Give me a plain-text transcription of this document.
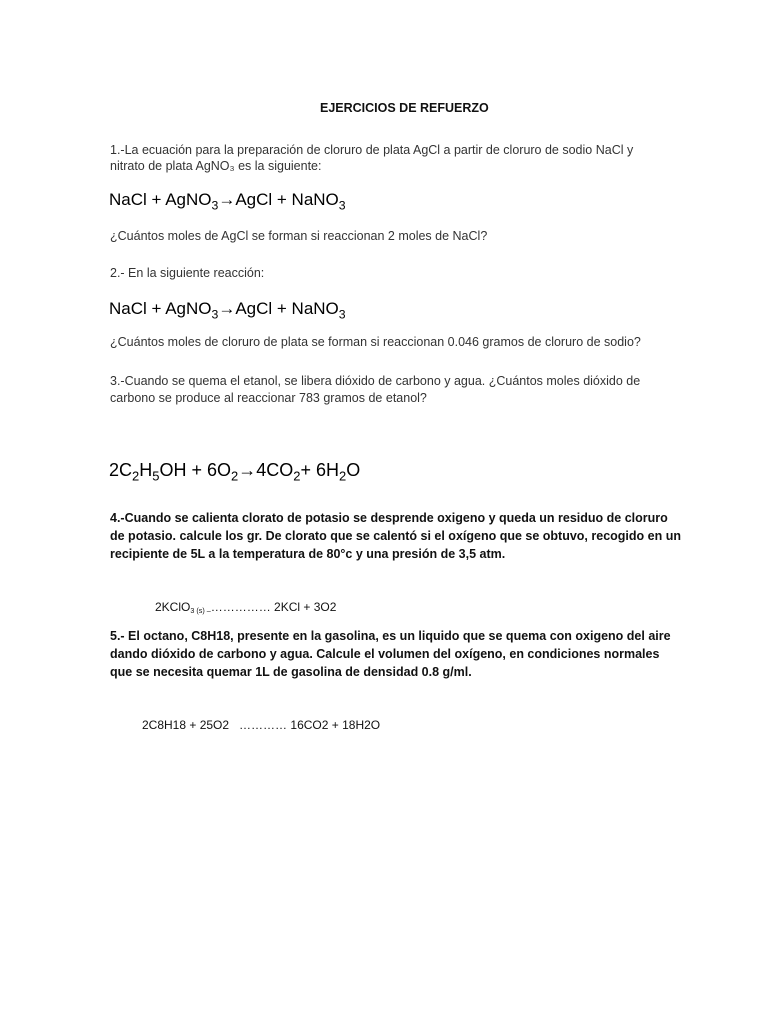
EJERCICIOS DE REFUERZO
1.-La ecuación para la preparación de cloruro de plata AgCl a partir de cloruro de sodio NaCl y
nitrato de plata AgNO₃ es la siguiente:
NaCl + AgNO$_3$→AgCl + NaNO$_3$
¿Cuántos moles de AgCl se forman si reaccionan 2 moles de NaCl?
2.- En la siguiente reacción:
NaCl + AgNO$_3$→AgCl + NaNO$_3$
¿Cuántos moles de cloruro de plata se forman si reaccionan 0.046 gramos de cloruro de sodio?
3.-Cuando se quema el etanol, se libera dióxido de carbono y agua. ¿Cuántos moles dióxido de
carbono se produce al reaccionar 783 gramos de etanol?
$2C_2H_5OH + 6O_2\to 4CO_2+ 6H_2O$
4.-Cuando se calienta clorato de potasio se desprende oxigeno y queda un residuo de cloruro
de potasio. calcule los gr. De clorato que se calentó si el oxígeno que se obtuvo, recogido en un
recipiente de 5L a la temperatura de 80°c y una presión de 3,5 atm.
2KClO$_{3 (s) -}$…………… 2KCl + 3O2
5.- El octano, C8H18, presente en la gasolina, es un liquido que se quema con oxigeno del aire
dando dióxido de carbono y agua. Calcule el volumen del oxígeno, en condiciones normales
que se necesita quemar 1L de gasolina de densidad 0.8 g/ml.
2C8H18 + 25O2   ………… 16CO2 + 18H2O
